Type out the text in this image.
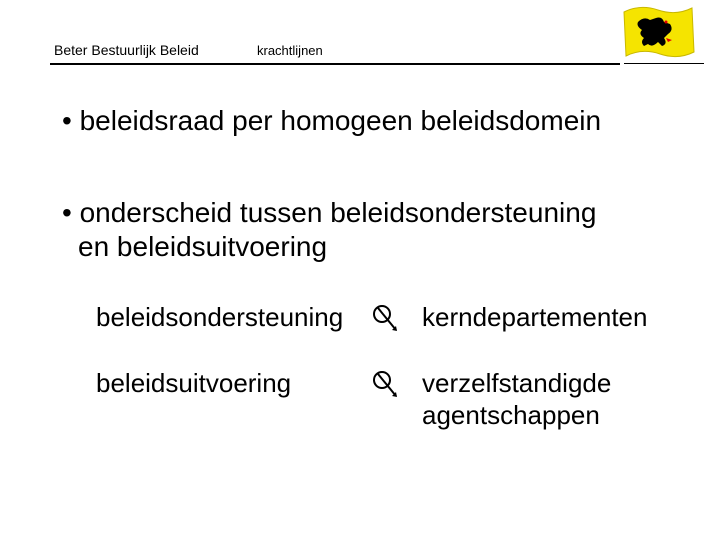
Beter Bestuurlijk Beleid	krachtlijnen
• beleidsraad per homogeen beleidsdomein
• onderscheid tussen beleidsondersteuning
en beleidsuitvoering
beleidsondersteuning	kerndepartementen
beleidsuitvoering	verzelfstandigde
agentschappen
